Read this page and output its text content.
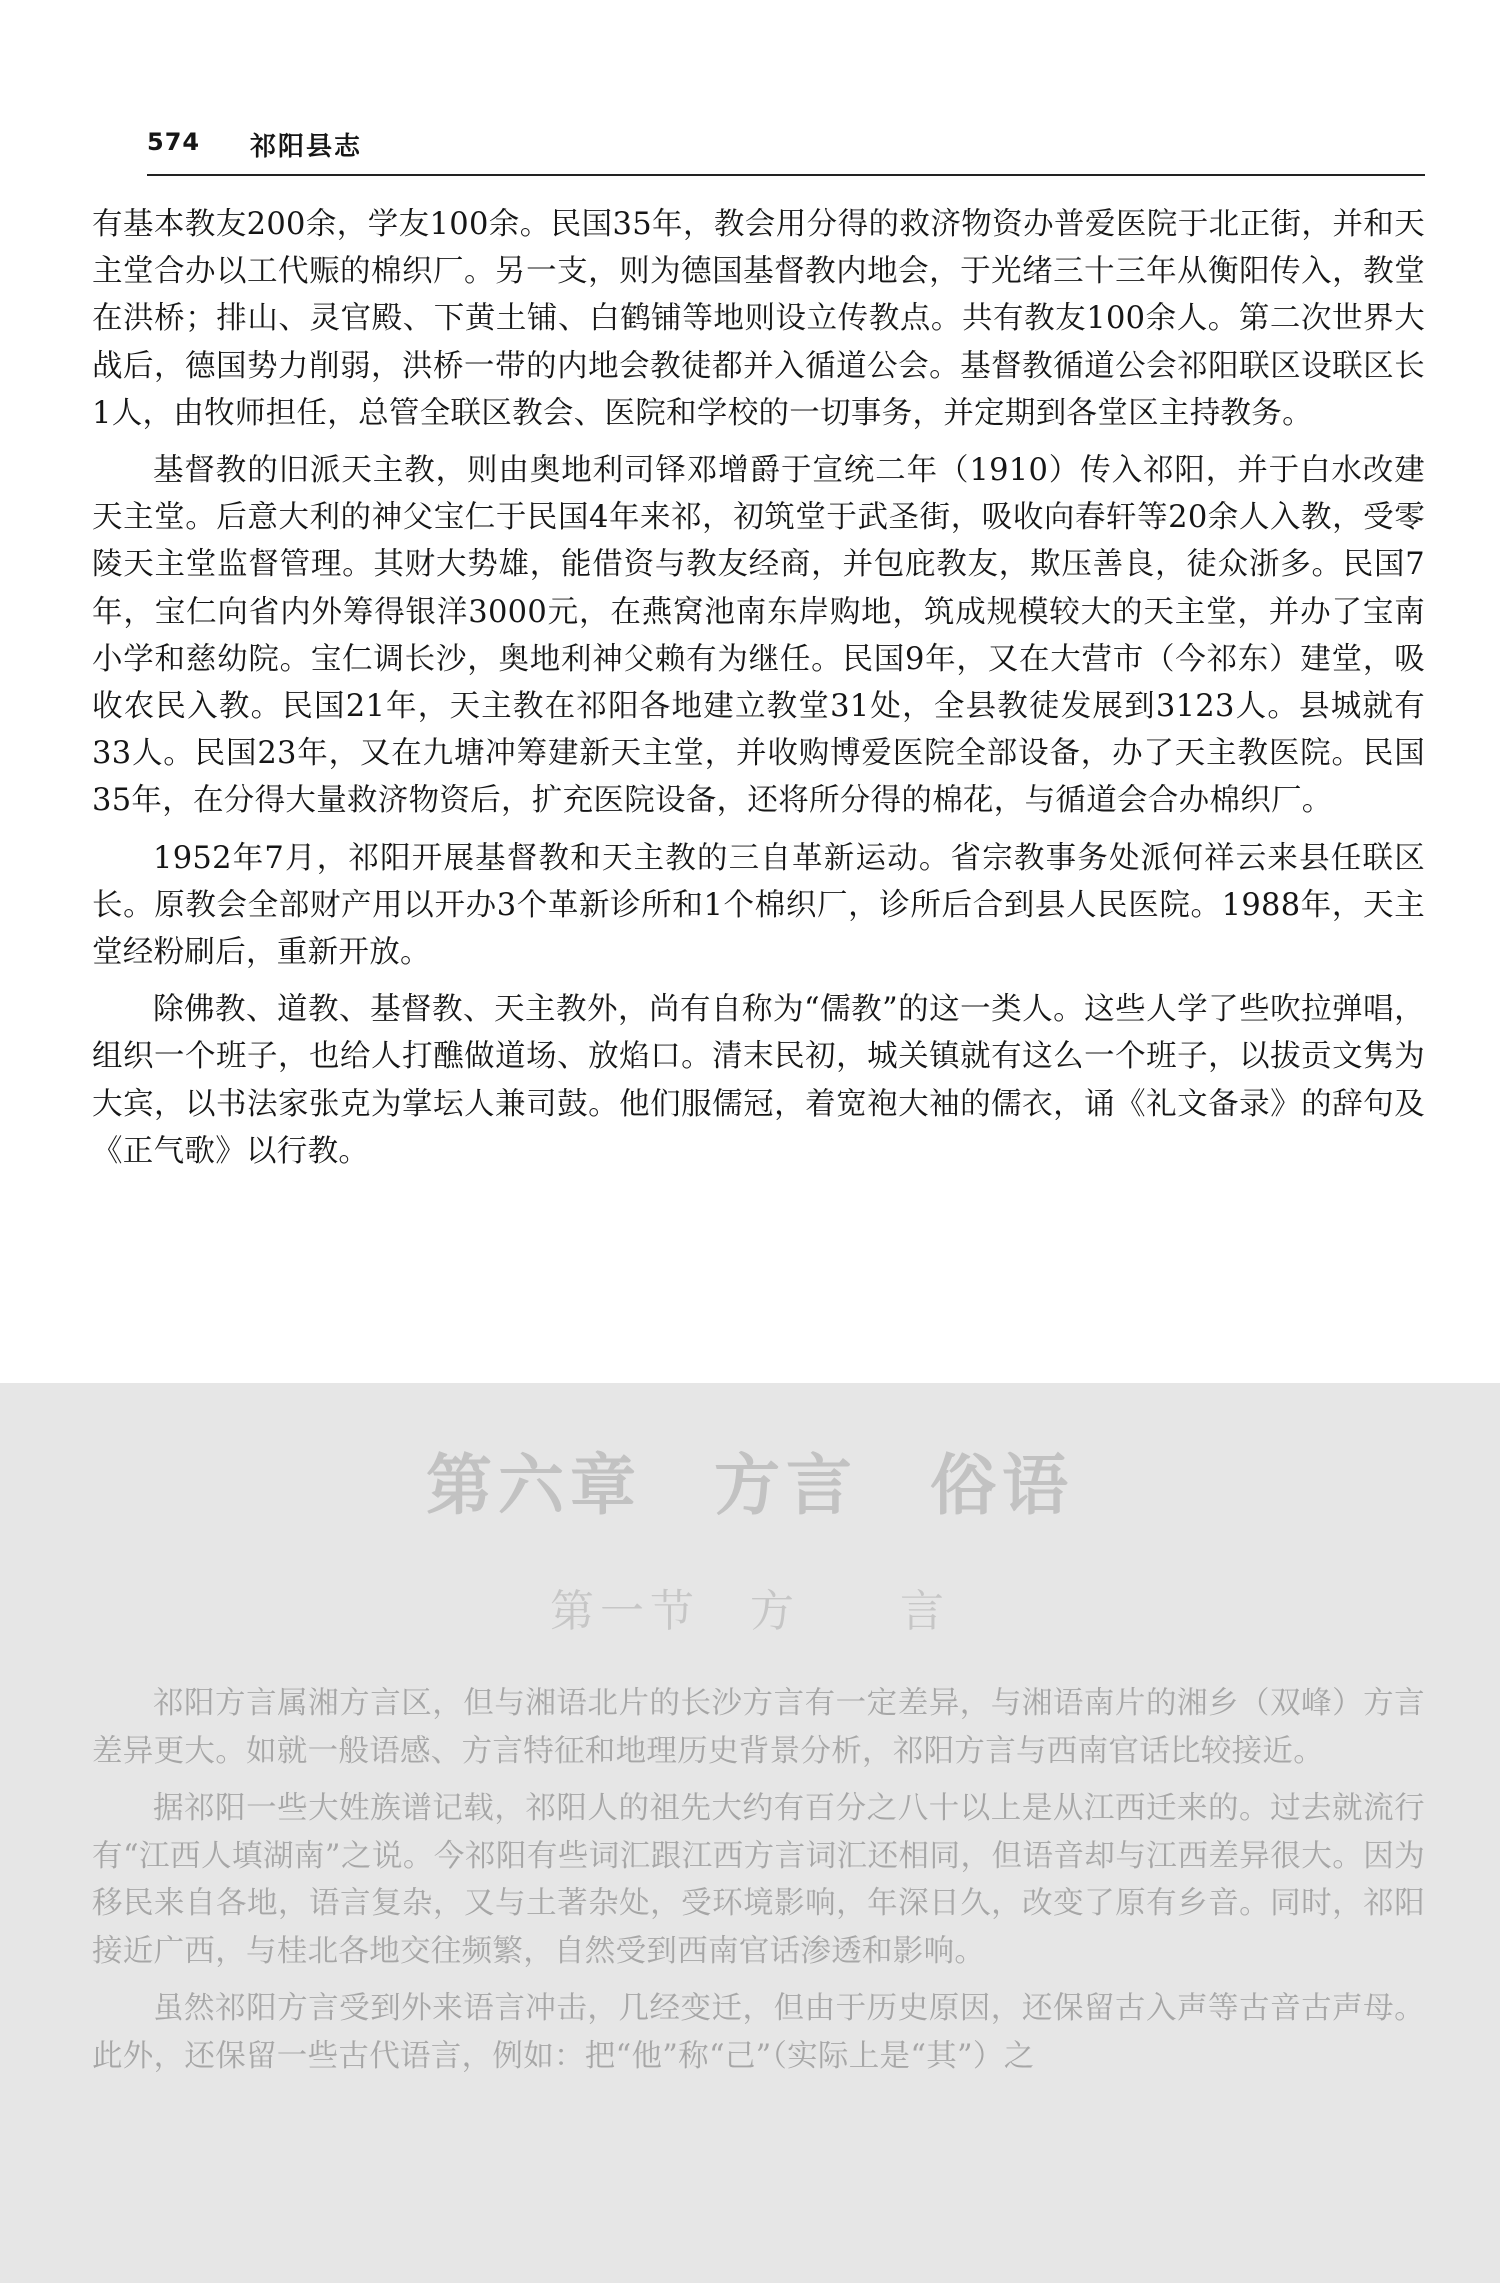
574 祁阳县志

有基本教友200余，学友100余。民国35年，教会用分得的救济物资办普爱医院于北正街，并和天主堂合办以工代赈的棉织厂。另一支，则为德国基督教内地会，于光绪三十三年从衡阳传入，教堂在洪桥；排山、灵官殿、下黄土铺、白鹤铺等地则设立传教点。共有教友100余人。第二次世界大战后，德国势力削弱，洪桥一带的内地会教徒都并入循道公会。基督教循道公会祁阳联区设联区长1人，由牧师担任，总管全联区教会、医院和学校的一切事务，并定期到各堂区主持教务。

基督教的旧派天主教，则由奥地利司铎邓增爵于宣统二年（1910）传入祁阳，并于白水改建天主堂。后意大利的神父宝仁于民国4年来祁，初筑堂于武圣街，吸收向春轩等20余人入教，受零陵天主堂监督管理。其财大势雄，能借资与教友经商，并包庇教友，欺压善良，徒众浙多。民国7年，宝仁向省内外筹得银洋3000元，在燕窝池南东岸购地，筑成规模较大的天主堂，并办了宝南小学和慈幼院。宝仁调长沙，奥地利神父赖有为继任。民国9年，又在大营市（今祁东）建堂，吸收农民入教。民国21年，天主教在祁阳各地建立教堂31处，全县教徒发展到3123人。县城就有33人。民国23年，又在九塘冲筹建新天主堂，并收购博爱医院全部设备，办了天主教医院。民国35年，在分得大量救济物资后，扩充医院设备，还将所分得的棉花，与循道会合办棉织厂。

1952年7月，祁阳开展基督教和天主教的三自革新运动。省宗教事务处派何祥云来县任联区长。原教会全部财产用以开办3个革新诊所和1个棉织厂，诊所后合到县人民医院。1988年，天主堂经粉刷后，重新开放。

除佛教、道教、基督教、天主教外，尚有自称为“儒教”的这一类人。这些人学了些吹拉弹唱，组织一个班子，也给人打醮做道场、放焰口。清末民初，城关镇就有这么一个班子，以拔贡文隽为大宾，以书法家张克为掌坛人兼司鼓。他们服儒冠，着宽袍大袖的儒衣，诵《礼文备录》的辞句及《正气歌》以行教。

第六章　方言　俗语
第一节　方　　言

祁阳方言属湘方言区，但与湘语北片的长沙方言有一定差异，与湘语南片的湘乡（双峰）方言差异更大。如就一般语感、方言特征和地理历史背景分析，祁阳方言与西南官话比较接近。

据祁阳一些大姓族谱记载，祁阳人的祖先大约有百分之八十以上是从江西迁来的。过去就流行有“江西人填湖南”之说。今祁阳有些词汇跟江西方言词汇还相同，但语音却与江西差异很大。因为移民来自各地，语言复杂，又与土著杂处，受环境影响，年深日久，改变了原有乡音。同时，祁阳接近广西，与桂北各地交往频繁，自然受到西南官话渗透和影响。

虽然祁阳方言受到外来语言冲击，几经变迁，但由于历史原因，还保留古入声等古音古声母。此外，还保留一些古代语言，例如：把“他”称“己”（实际上是“其”）之
